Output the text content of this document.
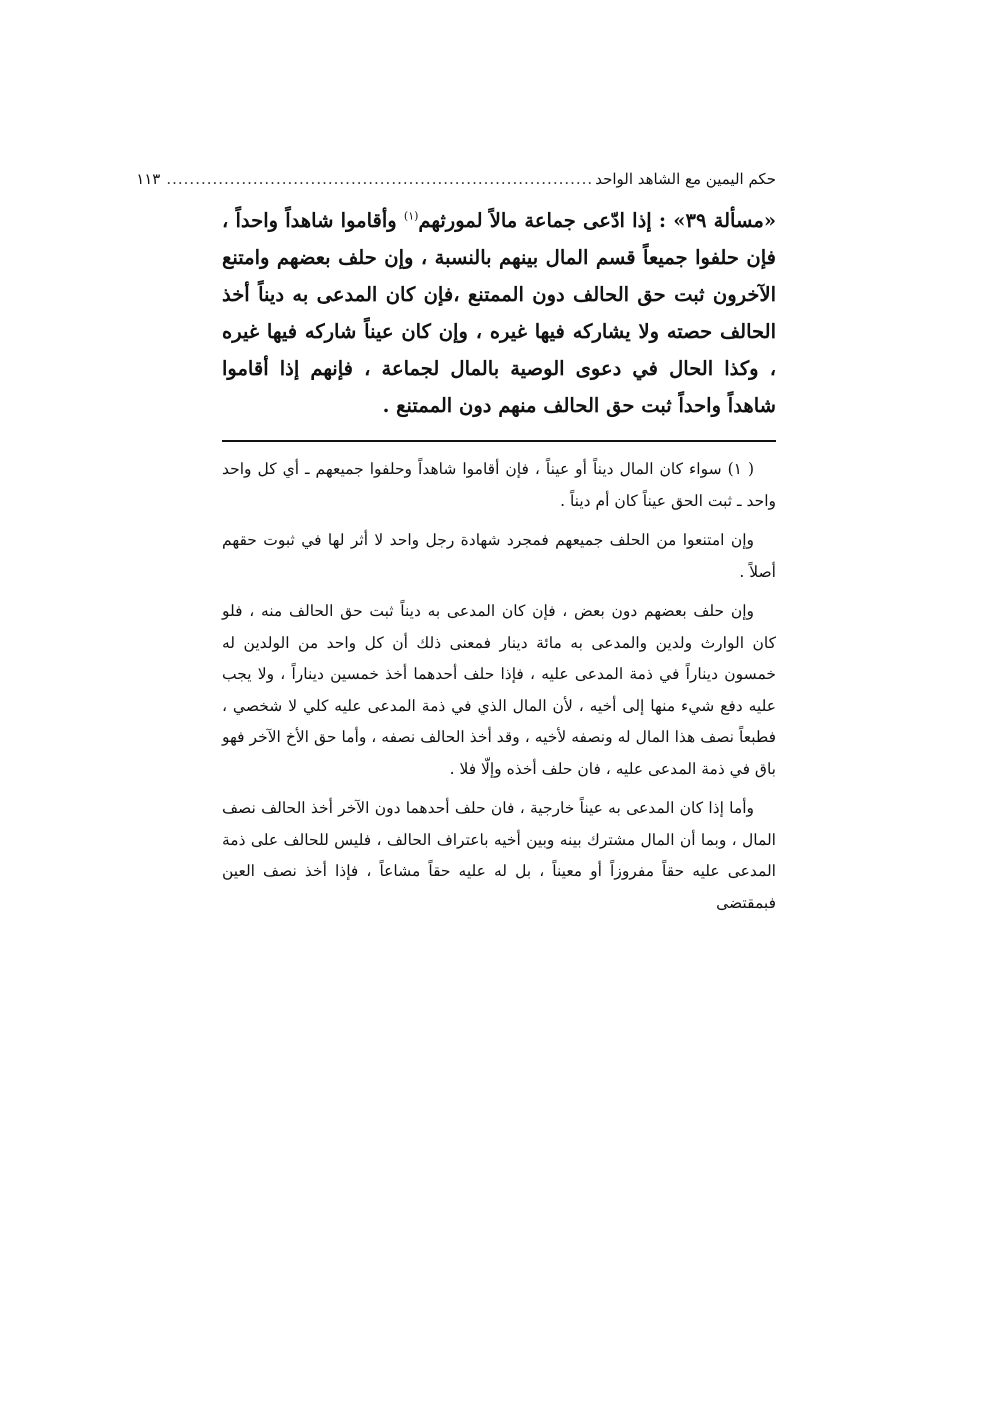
حكم اليمين مع الشاهد الواحد
..........................................................................
١١٣
«مسألة ٣٩» : إذا ادّعى جماعة مالاً لمورثهم$^{(١)}$ وأقاموا شاهداً واحداً ، فإن حلفوا جميعاً قسم المال بينهم بالنسبة ، وإن حلف بعضهم وامتنع الآخرون ثبت حق الحالف دون الممتنع ،فإن كان المدعى به ديناً أخذ الحالف حصته ولا يشاركه فيها غيره ، وإن كان عيناً شاركه فيها غيره ، وكذا الحال في دعوى الوصية بالمال لجماعة ، فإنهم إذا أقاموا شاهداً واحداً ثبت حق الحالف منهم دون الممتنع .

( ١) سواء كان المال ديناً أو عيناً ، فإن أقاموا شاهداً وحلفوا جميعهم ـ أي كل واحد واحد ـ ثبت الحق عيناً كان أم ديناً .

وإن امتنعوا من الحلف جميعهم فمجرد شهادة رجل واحد لا أثر لها في ثبوت حقهم أصلاً .

وإن حلف بعضهم دون بعض ، فإن كان المدعى به ديناً ثبت حق الحالف منه ، فلو كان الوارث ولدين والمدعى به مائة دينار فمعنى ذلك أن كل واحد من الولدين له خمسون ديناراً في ذمة المدعى عليه ، فإذا حلف أحدهما أخذ خمسين ديناراً ، ولا يجب عليه دفع شيء منها إلى أخيه ، لأن المال الذي في ذمة المدعى عليه كلي لا شخصي ، فطبعاً نصف هذا المال له ونصفه لأخيه ، وقد أخذ الحالف نصفه ، وأما حق الأخ الآخر فهو باق في ذمة المدعى عليه ، فان حلف أخذه وإلّا فلا .

وأما إذا كان المدعى به عيناً خارجية ، فان حلف أحدهما دون الآخر أخذ الحالف نصف المال ، وبما أن المال مشترك بينه وبين أخيه باعتراف الحالف ، فليس للحالف على ذمة المدعى عليه حقاً مفروزاً أو معيناً ، بل له عليه حقاً مشاعاً ، فإذا أخذ نصف العين فبمقتضى
